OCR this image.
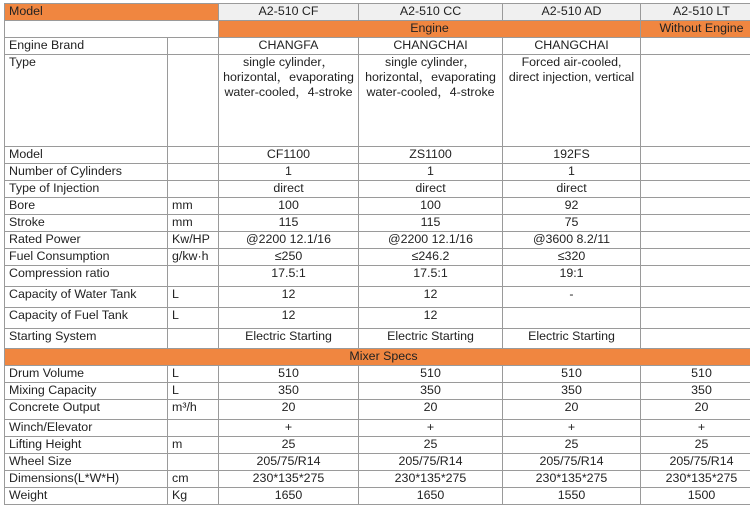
Model		A2-510 CF	A2-510 CC	A2-510 AD	A2-510 LT
		Engine			Without Engine
Engine Brand		CHANGFA	CHANGCHAI	CHANGCHAI	
Type		single cylinder，horizontal，evaporating water-cooled，4-stroke	single cylinder，horizontal，evaporating water-cooled，4-stroke	Forced air-cooled, direct injection, vertical	
Model		CF1100	ZS1100	192FS	
Number of Cylinders		1	1	1	
Type of Injection		direct	direct	direct	
Bore	mm	100	100	92	
Stroke	mm	115	115	75	
Rated Power	Kw/HP	@2200 12.1/16	@2200 12.1/16	@3600 8.2/11	
Fuel Consumption	g/kw·h	≤250	≤246.2	≤320	
Compression ratio		17.5:1	17.5:1	19:1	
Capacity of Water Tank	L	12	12	-	
Capacity of Fuel Tank	L	12	12		
Starting System		Electric Starting	Electric Starting	Electric Starting	
Mixer Specs					
Drum Volume	L	510	510	510	510
Mixing Capacity	L	350	350	350	350
Concrete Output	m³/h	20	20	20	20
Winch/Elevator		+	+	+	+
Lifting Height	m	25	25	25	25
Wheel Size		205/75/R14	205/75/R14	205/75/R14	205/75/R14
Dimensions(L*W*H)	cm	230*135*275	230*135*275	230*135*275	230*135*275
Weight	Kg	1650	1650	1550	1500
